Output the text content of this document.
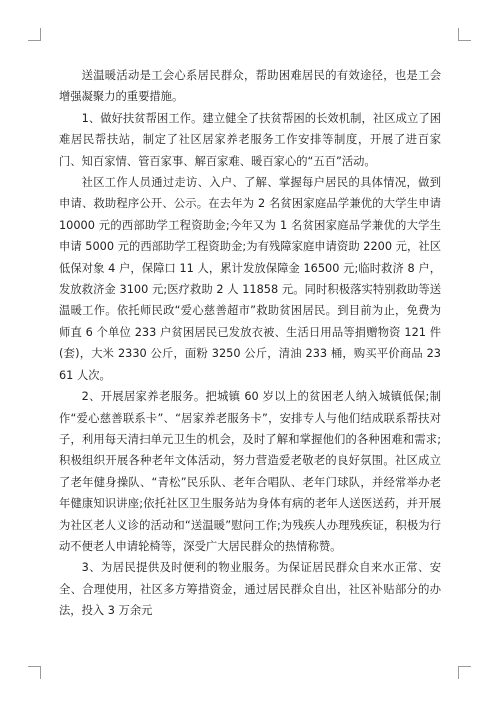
送温暖活动是工会心系居民群众，帮助困难居民的有效途径，也是工会增强凝聚力的重要措施。

1、做好扶贫帮困工作。建立健全了扶贫帮困的长效机制，社区成立了困难居民帮扶站，制定了社区居家养老服务工作安排等制度，开展了进百家门、知百家情、管百家事、解百家难、暖百家心的“五百”活动。

社区工作人员通过走访、入户、了解、掌握每户居民的具体情况，做到申请、救助程序公开、公示。在去年为 2 名贫困家庭品学兼优的大学生申请 10000 元的西部助学工程资助金;今年又为 1 名贫困家庭品学兼优的大学生申请 5000 元的西部助学工程资助金;为有残障家庭申请资助 2200 元，社区低保对象 4 户，保障口 11 人，累计发放保障金 16500 元;临时救济 8 户，发放救济金 3100 元;医疗救助 2 人 11858 元。同时积极落实特别救助等送温暖工作。依托师民政“爱心慈善超市”救助贫困居民。到目前为止，免费为师直 6 个单位 233 户贫困居民已发放衣被、生活日用品等捐赠物资 121 件(套)，大米 2330 公斤，面粉 3250 公斤，清油 233 桶，购买平价商品 2361 人次。

2、开展居家养老服务。把城镇 60 岁以上的贫困老人纳入城镇低保;制作“爱心慈善联系卡”、“居家养老服务卡”，安排专人与他们结成联系帮扶对子，利用每天清扫单元卫生的机会，及时了解和掌握他们的各种困难和需求;积极组织开展各种老年文体活动，努力营造爱老敬老的良好氛围。社区成立了老年健身操队、“青松”民乐队、老年合唱队、老年门球队，并经常举办老年健康知识讲座;依托社区卫生服务站为身体有病的老年人送医送药，并开展为社区老人义诊的活动和“送温暖”慰问工作;为残疾人办理残疾证，积极为行动不便老人申请轮椅等，深受广大居民群众的热情称赞。

3、为居民提供及时便利的物业服务。为保证居民群众自来水正常、安全、合理使用，社区多方筹措资金，通过居民群众自出，社区补贴部分的办法，投入 3 万余元
